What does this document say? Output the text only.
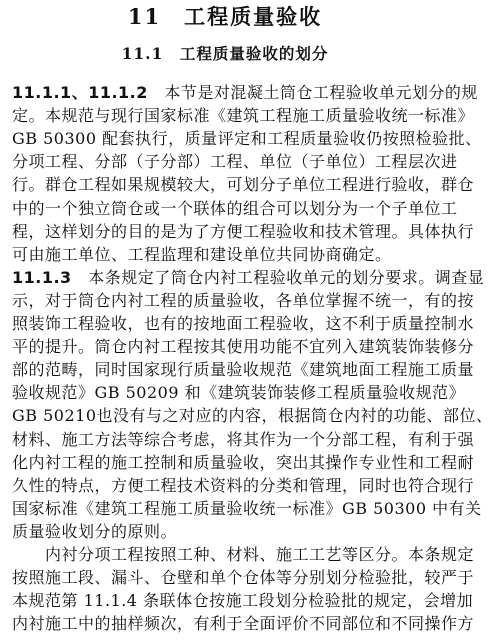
11　工程质量验收
11.1　工程质量验收的划分
11.1.1、11.1.2　本节是对混凝土筒仓工程验收单元划分的规
定。本规范与现行国家标准《建筑工程施工质量验收统一标准》
GB 50300 配套执行，质量评定和工程质量验收仍按照检验批、
分项工程、分部（子分部）工程、单位（子单位）工程层次进
行。群仓工程如果规模较大，可划分子单位工程进行验收，群仓
中的一个独立筒仓或一个联体的组合可以划分为一个子单位工
程，这样划分的目的是为了方便工程验收和技术管理。具体执行
可由施工单位、工程监理和建设单位共同协商确定。
11.1.3　本条规定了筒仓内衬工程验收单元的划分要求。调查显
示，对于筒仓内衬工程的质量验收，各单位掌握不统一，有的按
照装饰工程验收，也有的按地面工程验收，这不利于质量控制水
平的提升。筒仓内衬工程按其使用功能不宜列入建筑装饰装修分
部的范畴，同时国家现行质量验收规范《建筑地面工程施工质量
验收规范》GB 50209 和《建筑装饰装修工程质量验收规范》
GB 50210也没有与之对应的内容，根据筒仓内衬的功能、部位、
材料、施工方法等综合考虑，将其作为一个分部工程，有利于强
化内衬工程的施工控制和质量验收，突出其操作专业性和工程耐
久性的特点，方便工程技术资料的分类和管理，同时也符合现行
国家标准《建筑工程施工质量验收统一标准》GB 50300 中有关
质量验收划分的原则。
　　内衬分项工程按照工种、材料、施工工艺等区分。本条规定
按照施工段、漏斗、仓壁和单个仓体等分别划分检验批，较严于
本规范第 11.1.4 条联体仓按施工段划分检验批的规定，会增加
内衬施工中的抽样频次，有利于全面评价不同部位和不同操作方
